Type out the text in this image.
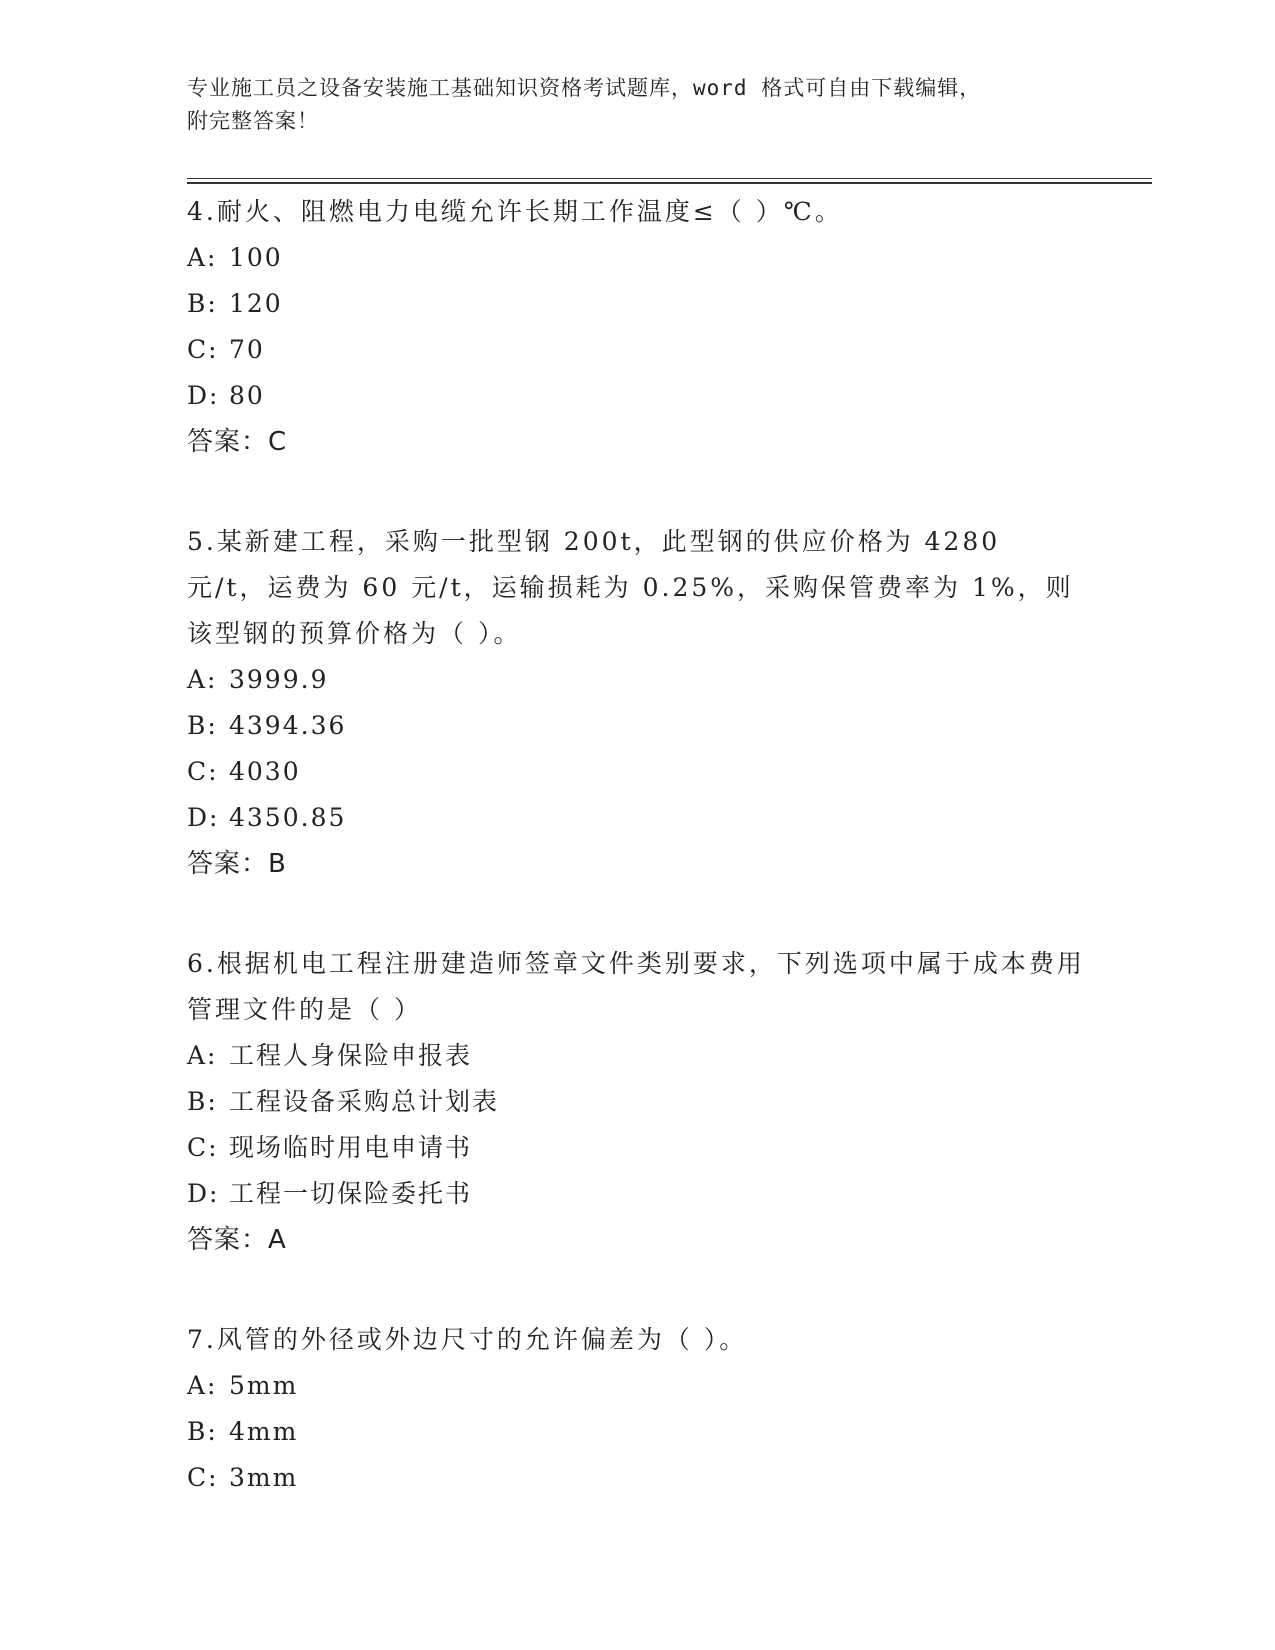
专业施工员之设备安装施工基础知识资格考试题库，word 格式可自由下载编辑，
附完整答案！

4.耐火、阻燃电力电缆允许长期工作温度≤（ ）℃。

A: 100
B: 120
C: 70
D: 80

答案：C

5.某新建工程，采购一批型钢 200t，此型钢的供应价格为 4280 元/t，运费为 60 元/t，运输损耗为 0.25%，采购保管费率为 1%，则该型钢的预算价格为（ ）。

A: 3999.9
B: 4394.36
C: 4030
D: 4350.85

答案：B

6.根据机电工程注册建造师签章文件类别要求，下列选项中属于成本费用管理文件的是（ ）

A: 工程人身保险申报表
B: 工程设备采购总计划表
C: 现场临时用电申请书
D: 工程一切保险委托书

答案：A

7.风管的外径或外边尺寸的允许偏差为（ ）。

A: 5mm
B: 4mm
C: 3mm
